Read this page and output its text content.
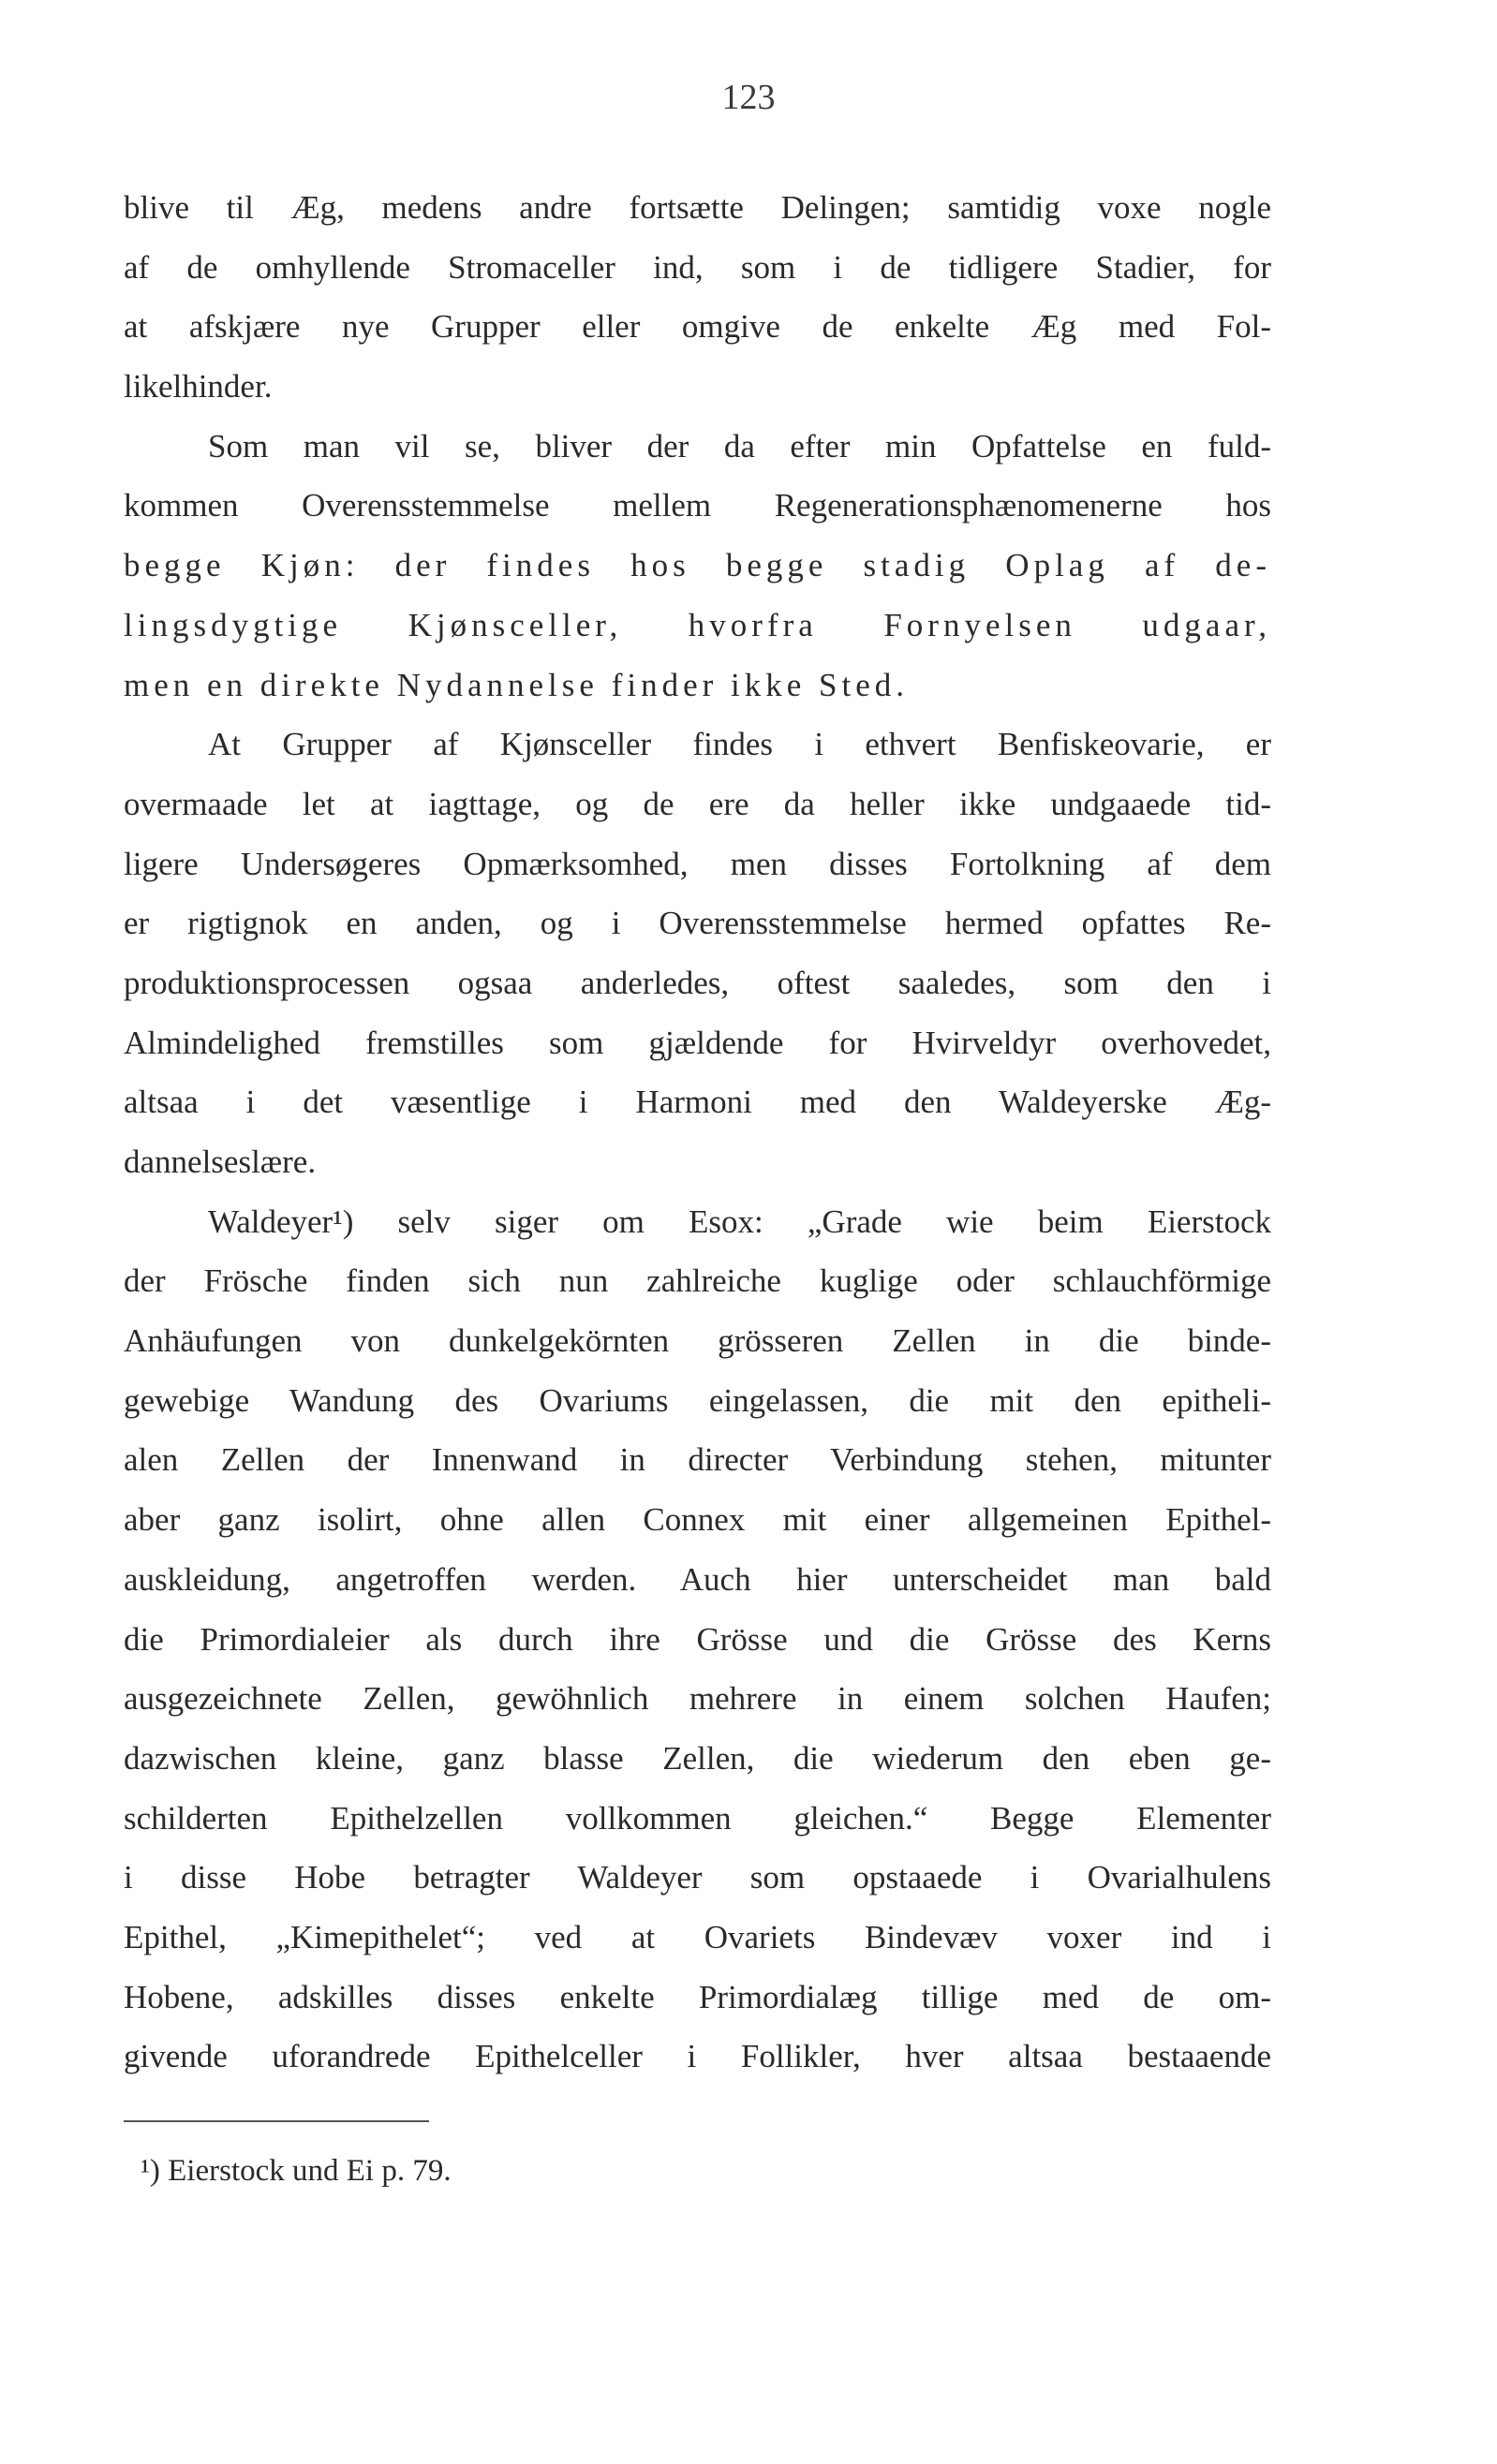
123
blive til Æg, medens andre fortsætte Delingen; samtidig voxe nogle
af de omhyllende Stromaceller ind, som i de tidligere Stadier, for
at afskjære nye Grupper eller omgive de enkelte Æg med Fol-
likelhinder.
Som man vil se, bliver der da efter min Opfattelse en fuld-
kommen Overensstemmelse mellem Regenerationsphænomenerne hos
begge Kjøn: der findes hos begge stadig Oplag af de-
lingsdygtige Kjønsceller, hvorfra Fornyelsen udgaar,
men en direkte Nydannelse finder ikke Sted.
At Grupper af Kjønsceller findes i ethvert Benfiskeovarie, er
overmaade let at iagttage, og de ere da heller ikke undgaaede tid-
ligere Undersøgeres Opmærksomhed, men disses Fortolkning af dem
er rigtignok en anden, og i Overensstemmelse hermed opfattes Re-
produktionsprocessen ogsaa anderledes, oftest saaledes, som den i
Almindelighed fremstilles som gjældende for Hvirveldyr overhovedet,
altsaa i det væsentlige i Harmoni med den Waldeyerske Æg-
dannelseslære.
Waldeyer¹) selv siger om Esox: „Grade wie beim Eierstock
der Frösche finden sich nun zahlreiche kuglige oder schlauchförmige
Anhäufungen von dunkelgekörnten grösseren Zellen in die binde-
gewebige Wandung des Ovariums eingelassen, die mit den epitheli-
alen Zellen der Innenwand in directer Verbindung stehen, mitunter
aber ganz isolirt, ohne allen Connex mit einer allgemeinen Epithel-
auskleidung, angetroffen werden. Auch hier unterscheidet man bald
die Primordialeier als durch ihre Grösse und die Grösse des Kerns
ausgezeichnete Zellen, gewöhnlich mehrere in einem solchen Haufen;
dazwischen kleine, ganz blasse Zellen, die wiederum den eben ge-
schilderten Epithelzellen vollkommen gleichen.“ Begge Elementer
i disse Hobe betragter Waldeyer som opstaaede i Ovarialhulens
Epithel, „Kimepithelet“; ved at Ovariets Bindevæv voxer ind i
Hobene, adskilles disses enkelte Primordialæg tillige med de om-
givende uforandrede Epithelceller i Follikler, hver altsaa bestaaende
¹) Eierstock und Ei p. 79.
